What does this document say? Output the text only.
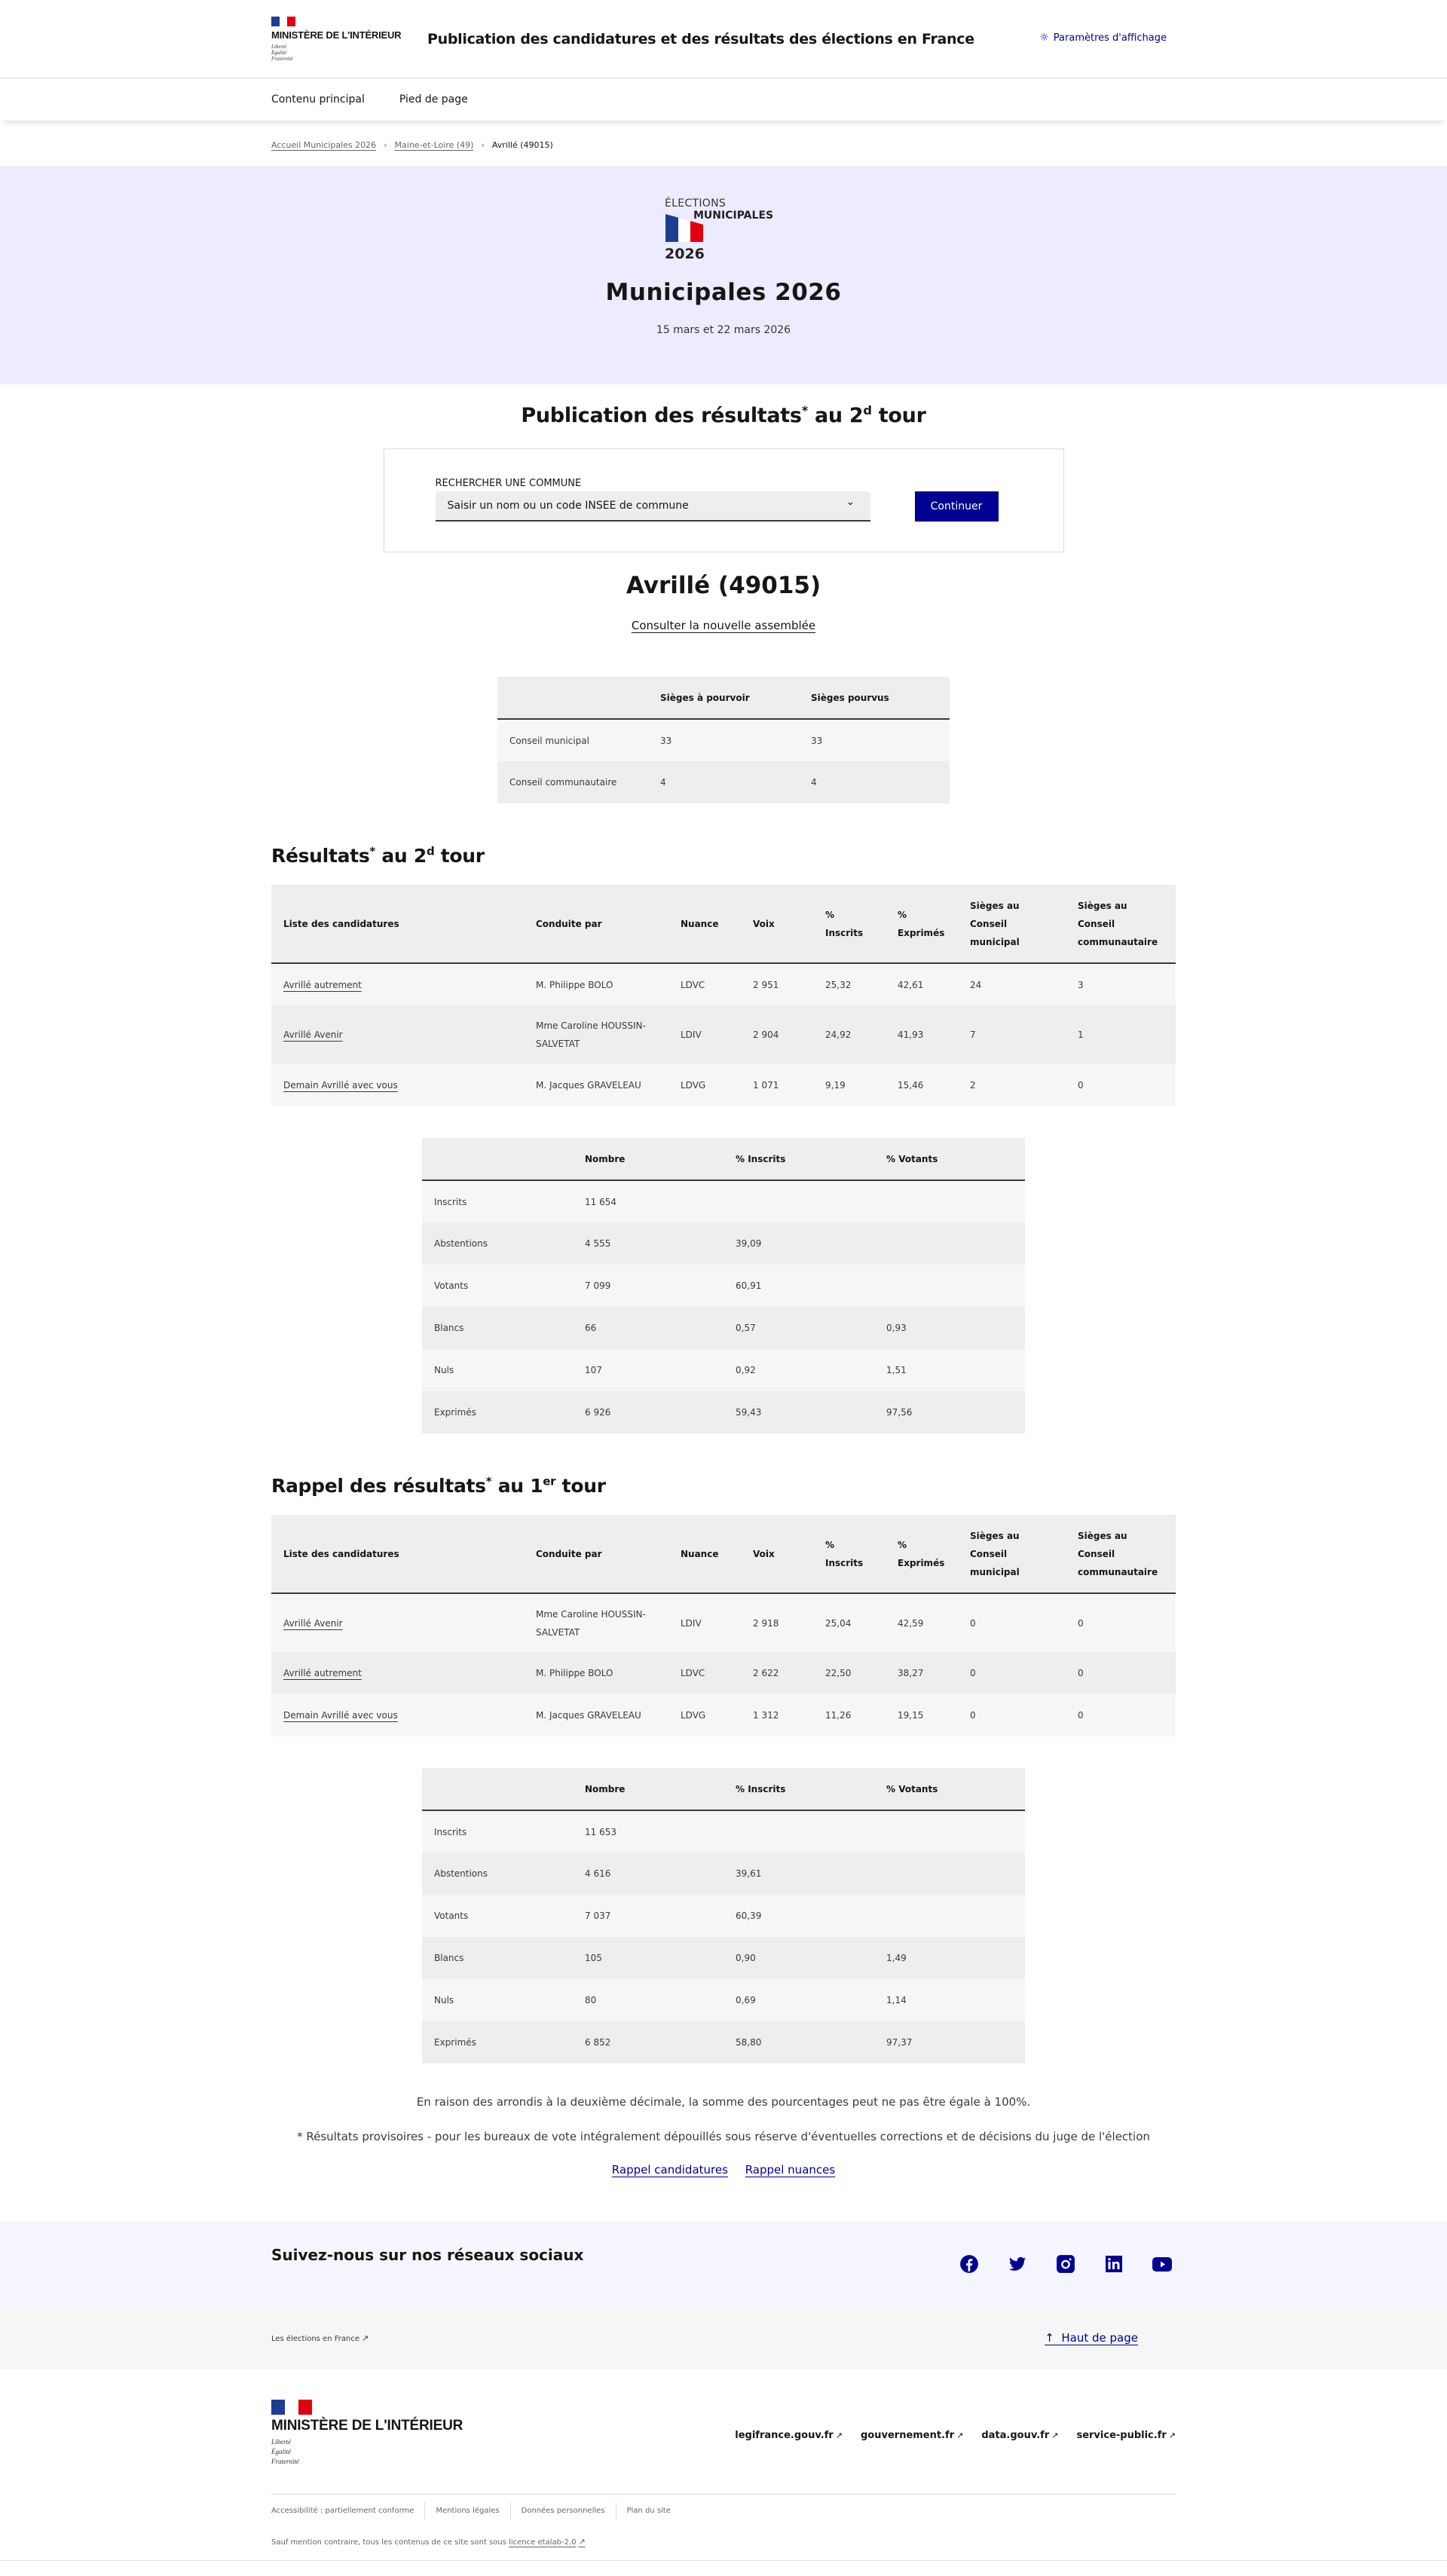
MINISTÈRE DE L'INTÉRIEUR
Liberté
Égalité
Fraternité
Publication des candidatures et des résultats des élections en France	☼ Paramètres d'affichage
Contenu principal	Pied de page
Accueil Municipales 2026 › Maine-et-Loire (49) › Avrillé (49015)
ÉLECTIONS
MUNICIPALES
2026
Municipales 2026
15 mars et 22 mars 2026
Publication des résultats* au 2$^d$ tour
RECHERCHER UNE COMMUNE
Saisir un nom ou un code INSEE de commune
⌄	Continuer
Avrillé (49015)
Consulter la nouvelle assemblée
	Sièges à pourvoir	Sièges pourvus
Conseil municipal	33	33
Conseil communautaire	4	4
Résultats* au 2$^d$ tour
Liste des candidatures	Conduite par	Nuance	Voix	% Inscrits	% Exprimés	Sièges au Conseil municipal	Sièges au Conseil communautaire
Avrillé autrement	M. Philippe BOLO	LDVC	2 951	25,32	42,61	24	3
Avrillé Avenir	Mme Caroline HOUSSIN-SALVETAT	LDIV	2 904	24,92	41,93	7	1
Demain Avrillé avec vous	M. Jacques GRAVELEAU	LDVG	1 071	9,19	15,46	2	0
	Nombre	% Inscrits	% Votants
Inscrits	11 654		
Abstentions	4 555	39,09	
Votants	7 099	60,91	
Blancs	66	0,57	0,93
Nuls	107	0,92	1,51
Exprimés	6 926	59,43	97,56
Rappel des résultats* au 1er tour
Liste des candidatures	Conduite par	Nuance	Voix	% Inscrits	% Exprimés	Sièges au Conseil municipal	Sièges au Conseil communautaire
Avrillé Avenir	Mme Caroline HOUSSIN-SALVETAT	LDIV	2 918	25,04	42,59	0	0
Avrillé autrement	M. Philippe BOLO	LDVC	2 622	22,50	38,27	0	0
Demain Avrillé avec vous	M. Jacques GRAVELEAU	LDVG	1 312	11,26	19,15	0	0
	Nombre	% Inscrits	% Votants
Inscrits	11 653		
Abstentions	4 616	39,61	
Votants	7 037	60,39	
Blancs	105	0,90	1,49
Nuls	80	0,69	1,14
Exprimés	6 852	58,80	97,37

En raison des arrondis à la deuxième décimale, la somme des pourcentages peut ne pas être égale à 100%.

* Résultats provisoires - pour les bureaux de vote intégralement dépouillés sous réserve d'éventuelles corrections et de décisions du juge de l'élection

Rappel candidatures Rappel nuances
Suivez-nous sur nos réseaux sociaux
Les élections en France ↗	↑ Haut de page
MINISTÈRE DE L'INTÉRIEUR
Liberté
Égalité
Fraternité
legifrance.gouv.fr ↗ gouvernement.fr ↗ data.gouv.fr ↗ service-public.fr ↗
Accessibilité : partiellement conforme	Mentions légales	Données personnelles	Plan du site
Sauf mention contraire, tous les contenus de ce site sont sous licence etalab-2.0 ↗
